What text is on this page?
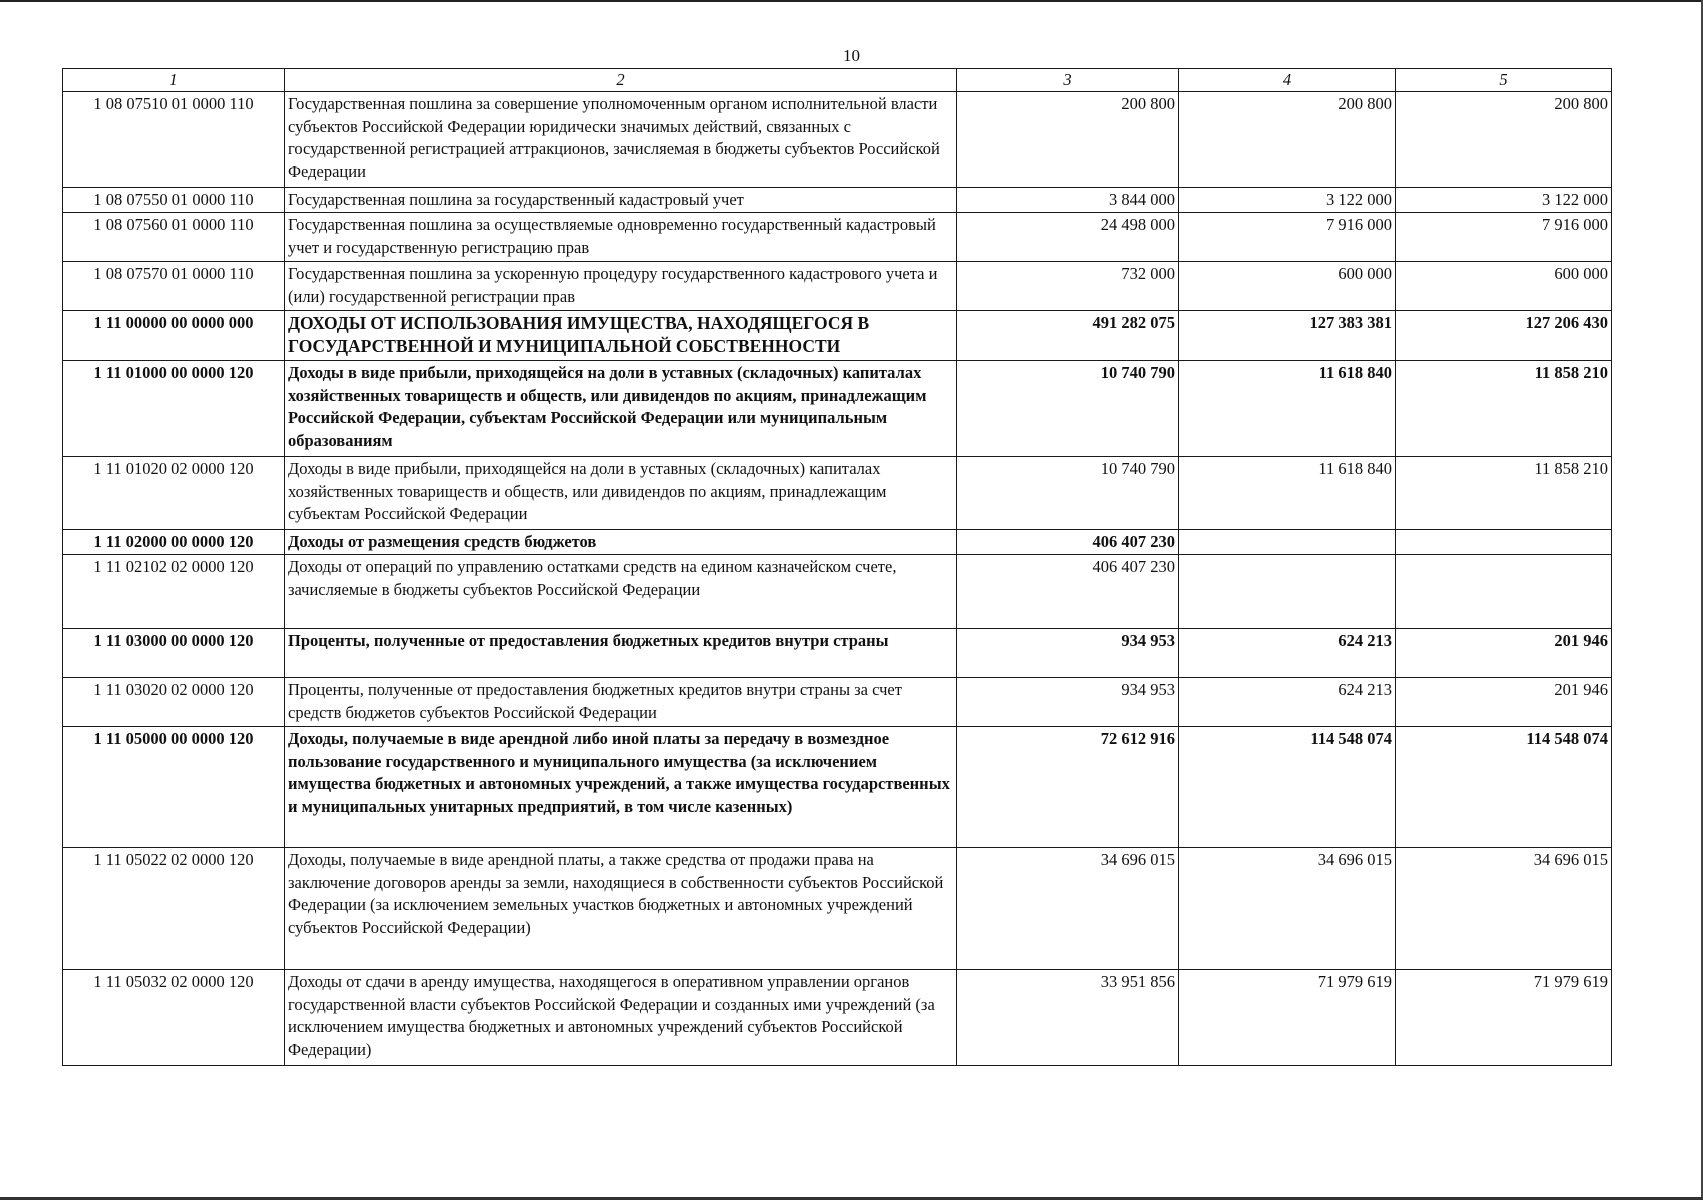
10
1	2	3	4	5
1 08 07510 01 0000 110	Государственная пошлина за совершение уполномоченным органом исполнительной власти субъектов Российской Федерации юридически значимых действий, связанных с государственной регистрацией аттракционов, зачисляемая в бюджеты субъектов Российской Федерации	200 800	200 800	200 800
1 08 07550 01 0000 110	Государственная пошлина за государственный кадастровый учет	3 844 000	3 122 000	3 122 000
1 08 07560 01 0000 110	Государственная пошлина за осуществляемые одновременно государственный кадастровый учет и государственную регистрацию прав	24 498 000	7 916 000	7 916 000
1 08 07570 01 0000 110	Государственная пошлина за ускоренную процедуру государственного кадастрового учета и (или) государственной регистрации прав	732 000	600 000	600 000
1 11 00000 00 0000 000	ДОХОДЫ ОТ ИСПОЛЬЗОВАНИЯ ИМУЩЕСТВА, НАХОДЯЩЕГОСЯ В ГОСУДАРСТВЕННОЙ И МУНИЦИПАЛЬНОЙ СОБСТВЕННОСТИ	491 282 075	127 383 381	127 206 430
1 11 01000 00 0000 120	Доходы в виде прибыли, приходящейся на доли в уставных (складочных) капиталах хозяйственных товариществ и обществ, или дивидендов по акциям, принадлежащим Российской Федерации, субъектам Российской Федерации или муниципальным образованиям	10 740 790	11 618 840	11 858 210
1 11 01020 02 0000 120	Доходы в виде прибыли, приходящейся на доли в уставных (складочных) капиталах хозяйственных товариществ и обществ, или дивидендов по акциям, принадлежащим субъектам Российской Федерации	10 740 790	11 618 840	11 858 210
1 11 02000 00 0000 120	Доходы от размещения средств бюджетов	406 407 230		
1 11 02102 02 0000 120	Доходы от операций по управлению остатками средств на едином казначейском счете, зачисляемые в бюджеты субъектов Российской Федерации	406 407 230		
1 11 03000 00 0000 120	Проценты, полученные от предоставления бюджетных кредитов внутри страны	934 953	624 213	201 946
1 11 03020 02 0000 120	Проценты, полученные от предоставления бюджетных кредитов внутри страны за счет средств бюджетов субъектов Российской Федерации	934 953	624 213	201 946
1 11 05000 00 0000 120	Доходы, получаемые в виде арендной либо иной платы за передачу в возмездное пользование государственного и муниципального имущества (за исключением имущества бюджетных и автономных учреждений, а также имущества государственных и муниципальных унитарных предприятий, в том числе казенных)	72 612 916	114 548 074	114 548 074
1 11 05022 02 0000 120	Доходы, получаемые в виде арендной платы, а также средства от продажи права на заключение договоров аренды за земли, находящиеся в собственности субъектов Российской Федерации (за исключением земельных участков бюджетных и автономных учреждений субъектов Российской Федерации)	34 696 015	34 696 015	34 696 015
1 11 05032 02 0000 120	Доходы от сдачи в аренду имущества, находящегося в оперативном управлении органов государственной власти субъектов Российской Федерации и созданных ими учреждений (за исключением имущества бюджетных и автономных учреждений субъектов Российской Федерации)	33 951 856	71 979 619	71 979 619
